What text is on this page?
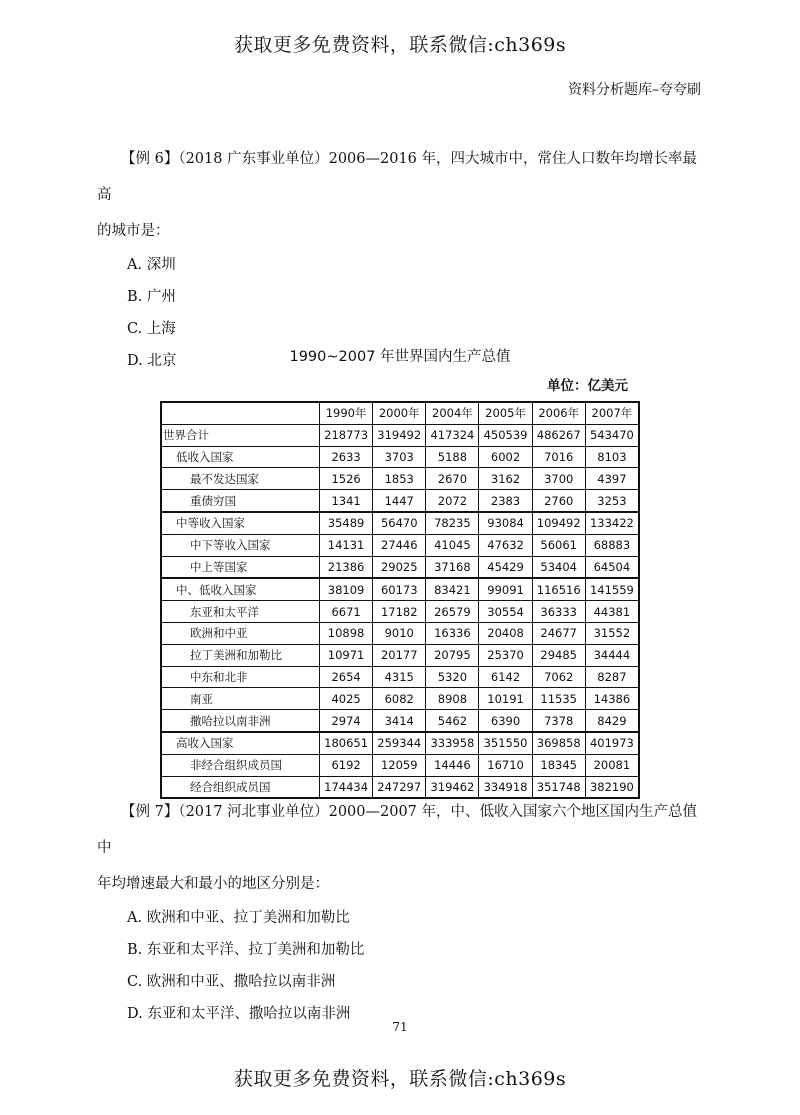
获取更多免费资料，联系微信:ch369s
资料分析题库–夸夸刷

【例 6】（2018 广东事业单位）2006—2016 年，四大城市中，常住人口数年均增长率最高

的城市是：

A. 深圳

B. 广州

C. 上海

D. 北京	1990~2007 年世界国内生产总值
单位：亿美元
	1990年	2000年	2004年	2005年	2006年	2007年
世界合计	218773	319492	417324	450539	486267	543470
低收入国家	2633	3703	5188	6002	7016	8103
最不发达国家	1526	1853	2670	3162	3700	4397
重债穷国	1341	1447	2072	2383	2760	3253
中等收入国家	35489	56470	78235	93084	109492	133422
中下等收入国家	14131	27446	41045	47632	56061	68883
中上等国家	21386	29025	37168	45429	53404	64504
中、低收入国家	38109	60173	83421	99091	116516	141559
东亚和太平洋	6671	17182	26579	30554	36333	44381
欧洲和中亚	10898	9010	16336	20408	24677	31552
拉丁美洲和加勒比	10971	20177	20795	25370	29485	34444
中东和北非	2654	4315	5320	6142	7062	8287
南亚	4025	6082	8908	10191	11535	14386
撒哈拉以南非洲	2974	3414	5462	6390	7378	8429
高收入国家	180651	259344	333958	351550	369858	401973
非经合组织成员国	6192	12059	14446	16710	18345	20081
经合组织成员国	174434	247297	319462	334918	351748	382190

【例 7】（2017 河北事业单位）2000—2007 年，中、低收入国家六个地区国内生产总值中

年均增速最大和最小的地区分别是：

A. 欧洲和中亚、拉丁美洲和加勒比

B. 东亚和太平洋、拉丁美洲和加勒比

C. 欧洲和中亚、撒哈拉以南非洲

D. 东亚和太平洋、撒哈拉以南非洲

71
获取更多免费资料，联系微信:ch369s
